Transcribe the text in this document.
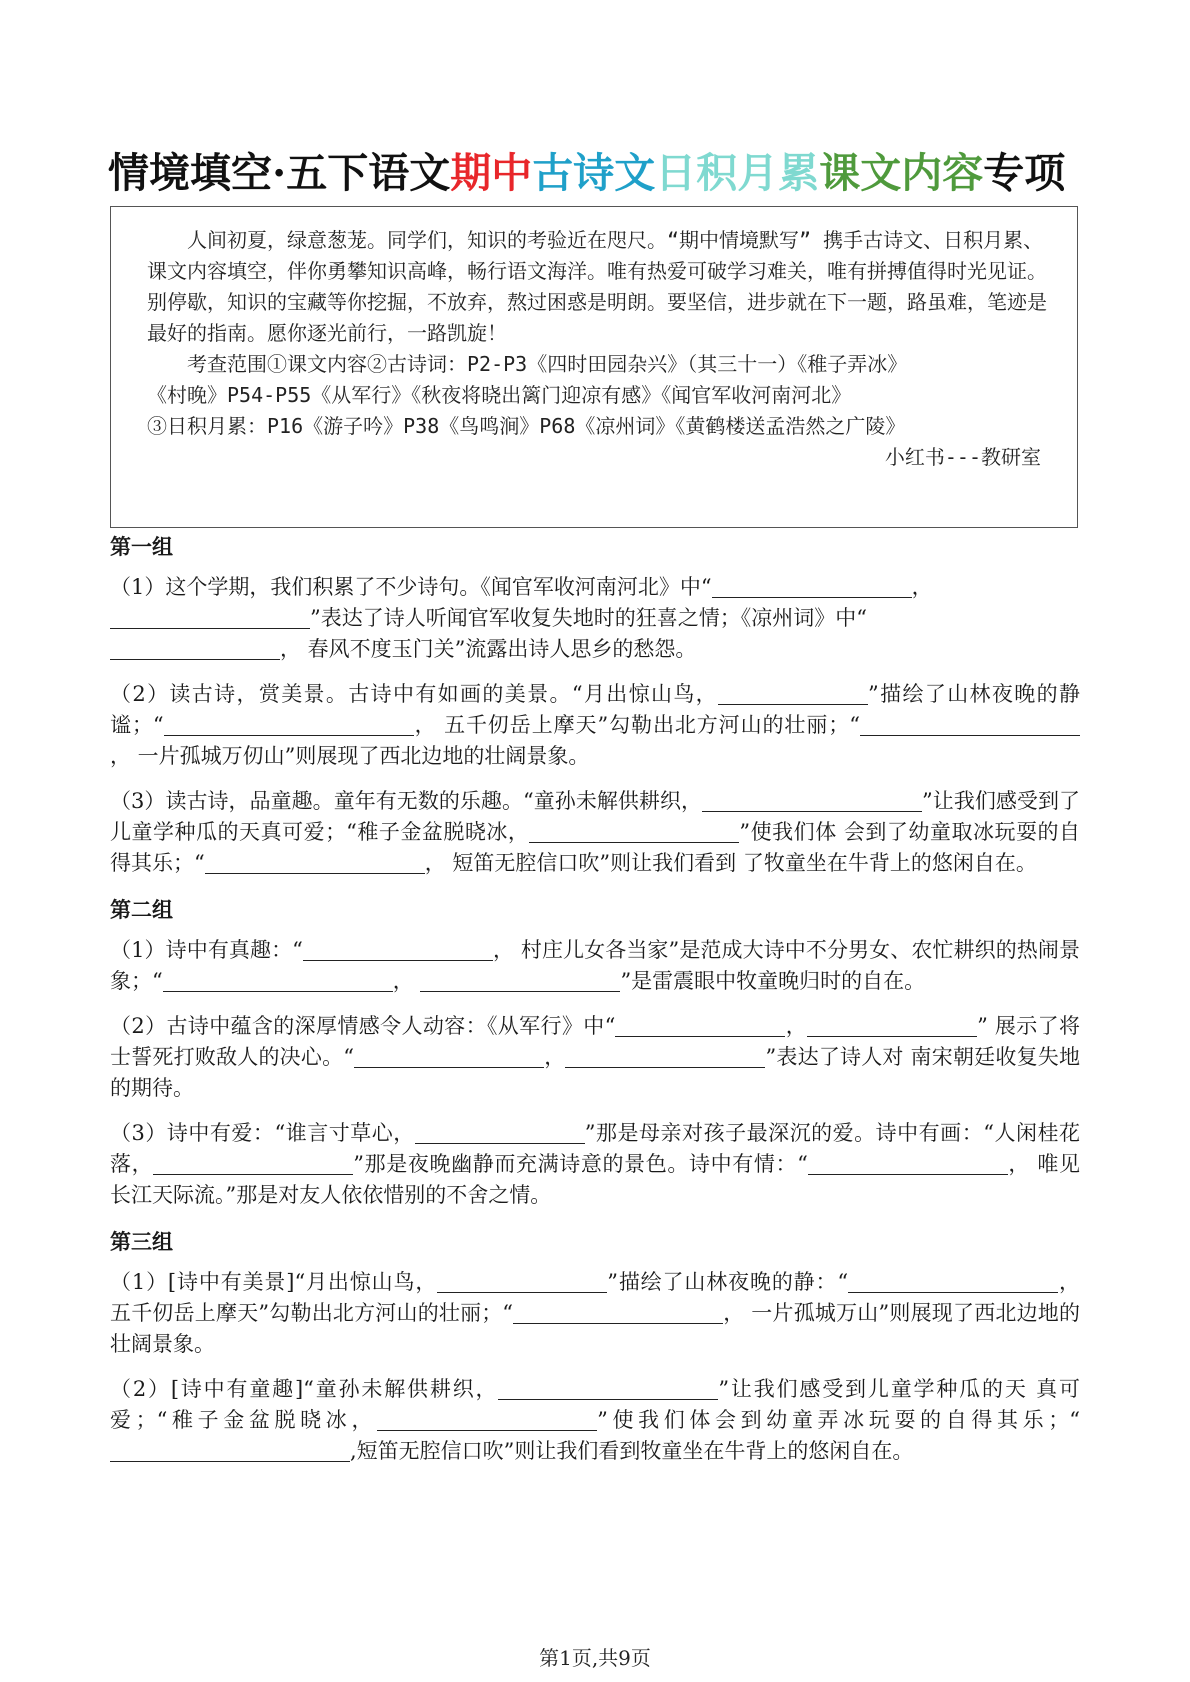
情境填空·五下语文期中古诗文日积月累课文内容专项

人间初夏，绿意葱茏。同学们，知识的考验近在咫尺。“期中情境默写” 携手古诗文、日积月累、课文内容填空，伴你勇攀知识高峰，畅行语文海洋。唯有热爱可破学习难关，唯有拼搏值得时光见证。别停歇，知识的宝藏等你挖掘，不放弃，熬过困惑是明朗。要坚信，进步就在下一题，路虽难，笔迹是最好的指南。愿你逐光前行，一路凯旋！

考查范围①课文内容②古诗词：P2-P3《四时田园杂兴》（其三十一）《稚子弄冰》

《村晚》P54-P55《从军行》《秋夜将晓出篱门迎凉有感》《闻官军收河南河北》

③日积月累：P16《游子吟》P38《鸟鸣涧》P68《凉州词》《黄鹤楼送孟浩然之广陵》

小红书---教研室

第一组

（1）这个学期，我们积累了不少诗句。《闻官军收河南河北》中“	，
”表达了诗人听闻官军收复失地时的狂喜之情；《凉州词》中“
， 春风不度玉门关”流露出诗人思乡的愁怨。

（2）读古诗，赏美景。古诗中有如画的美景。“月出惊山鸟，	”描绘了山林夜晚的静谧；“	， 五千仞岳上摩天”勾勒出北方河山的壮丽；“， 一片孤城万仞山”则展现了西北边地的壮阔景象。

（3）读古诗，品童趣。童年有无数的乐趣。“童孙未解供耕织，	”让我们感受到了儿童学种瓜的天真可爱；“稚子金盆脱晓冰，	”使我们体 会到了幼童取冰玩耍的自得其乐；“	， 短笛无腔信口吹”则让我们看到 了牧童坐在牛背上的悠闲自在。

第二组

（1）诗中有真趣：“	， 村庄儿女各当家”是范成大诗中不分男女、农忙耕织的热闹景象；“	，	”是雷震眼中牧童晚归时的自在。

（2）古诗中蕴含的深厚情感令人动容：《从军行》中“	，	” 展示了将士誓死打败敌人的决心。“	，	”表达了诗人对 南宋朝廷收复失地的期待。

（3）诗中有爱：“谁言寸草心，	”那是母亲对孩子最深沉的爱。诗中有画：“人闲桂花落，	”那是夜晚幽静而充满诗意的景色。诗中有情：“	， 唯见长江天际流。”那是对友人依依惜别的不舍之情。

第三组

（1）[诗中有美景]“月出惊山鸟，	”描绘了山林夜晚的静：“	， 五千仞岳上摩天”勾勒出北方河山的壮丽；“	， 一片孤城万山”则展现了西北边地的壮阔景象。

（2）[诗中有童趣]“童孙未解供耕织，	”让我们感受到儿童学种瓜的天 真可爱；“稚子金盆脱晓冰，	”使我们体会到幼童弄冰玩耍的自得其乐；“,短笛无腔信口吹”则让我们看到牧童坐在牛背上的悠闲自在。

第1页,共9页
